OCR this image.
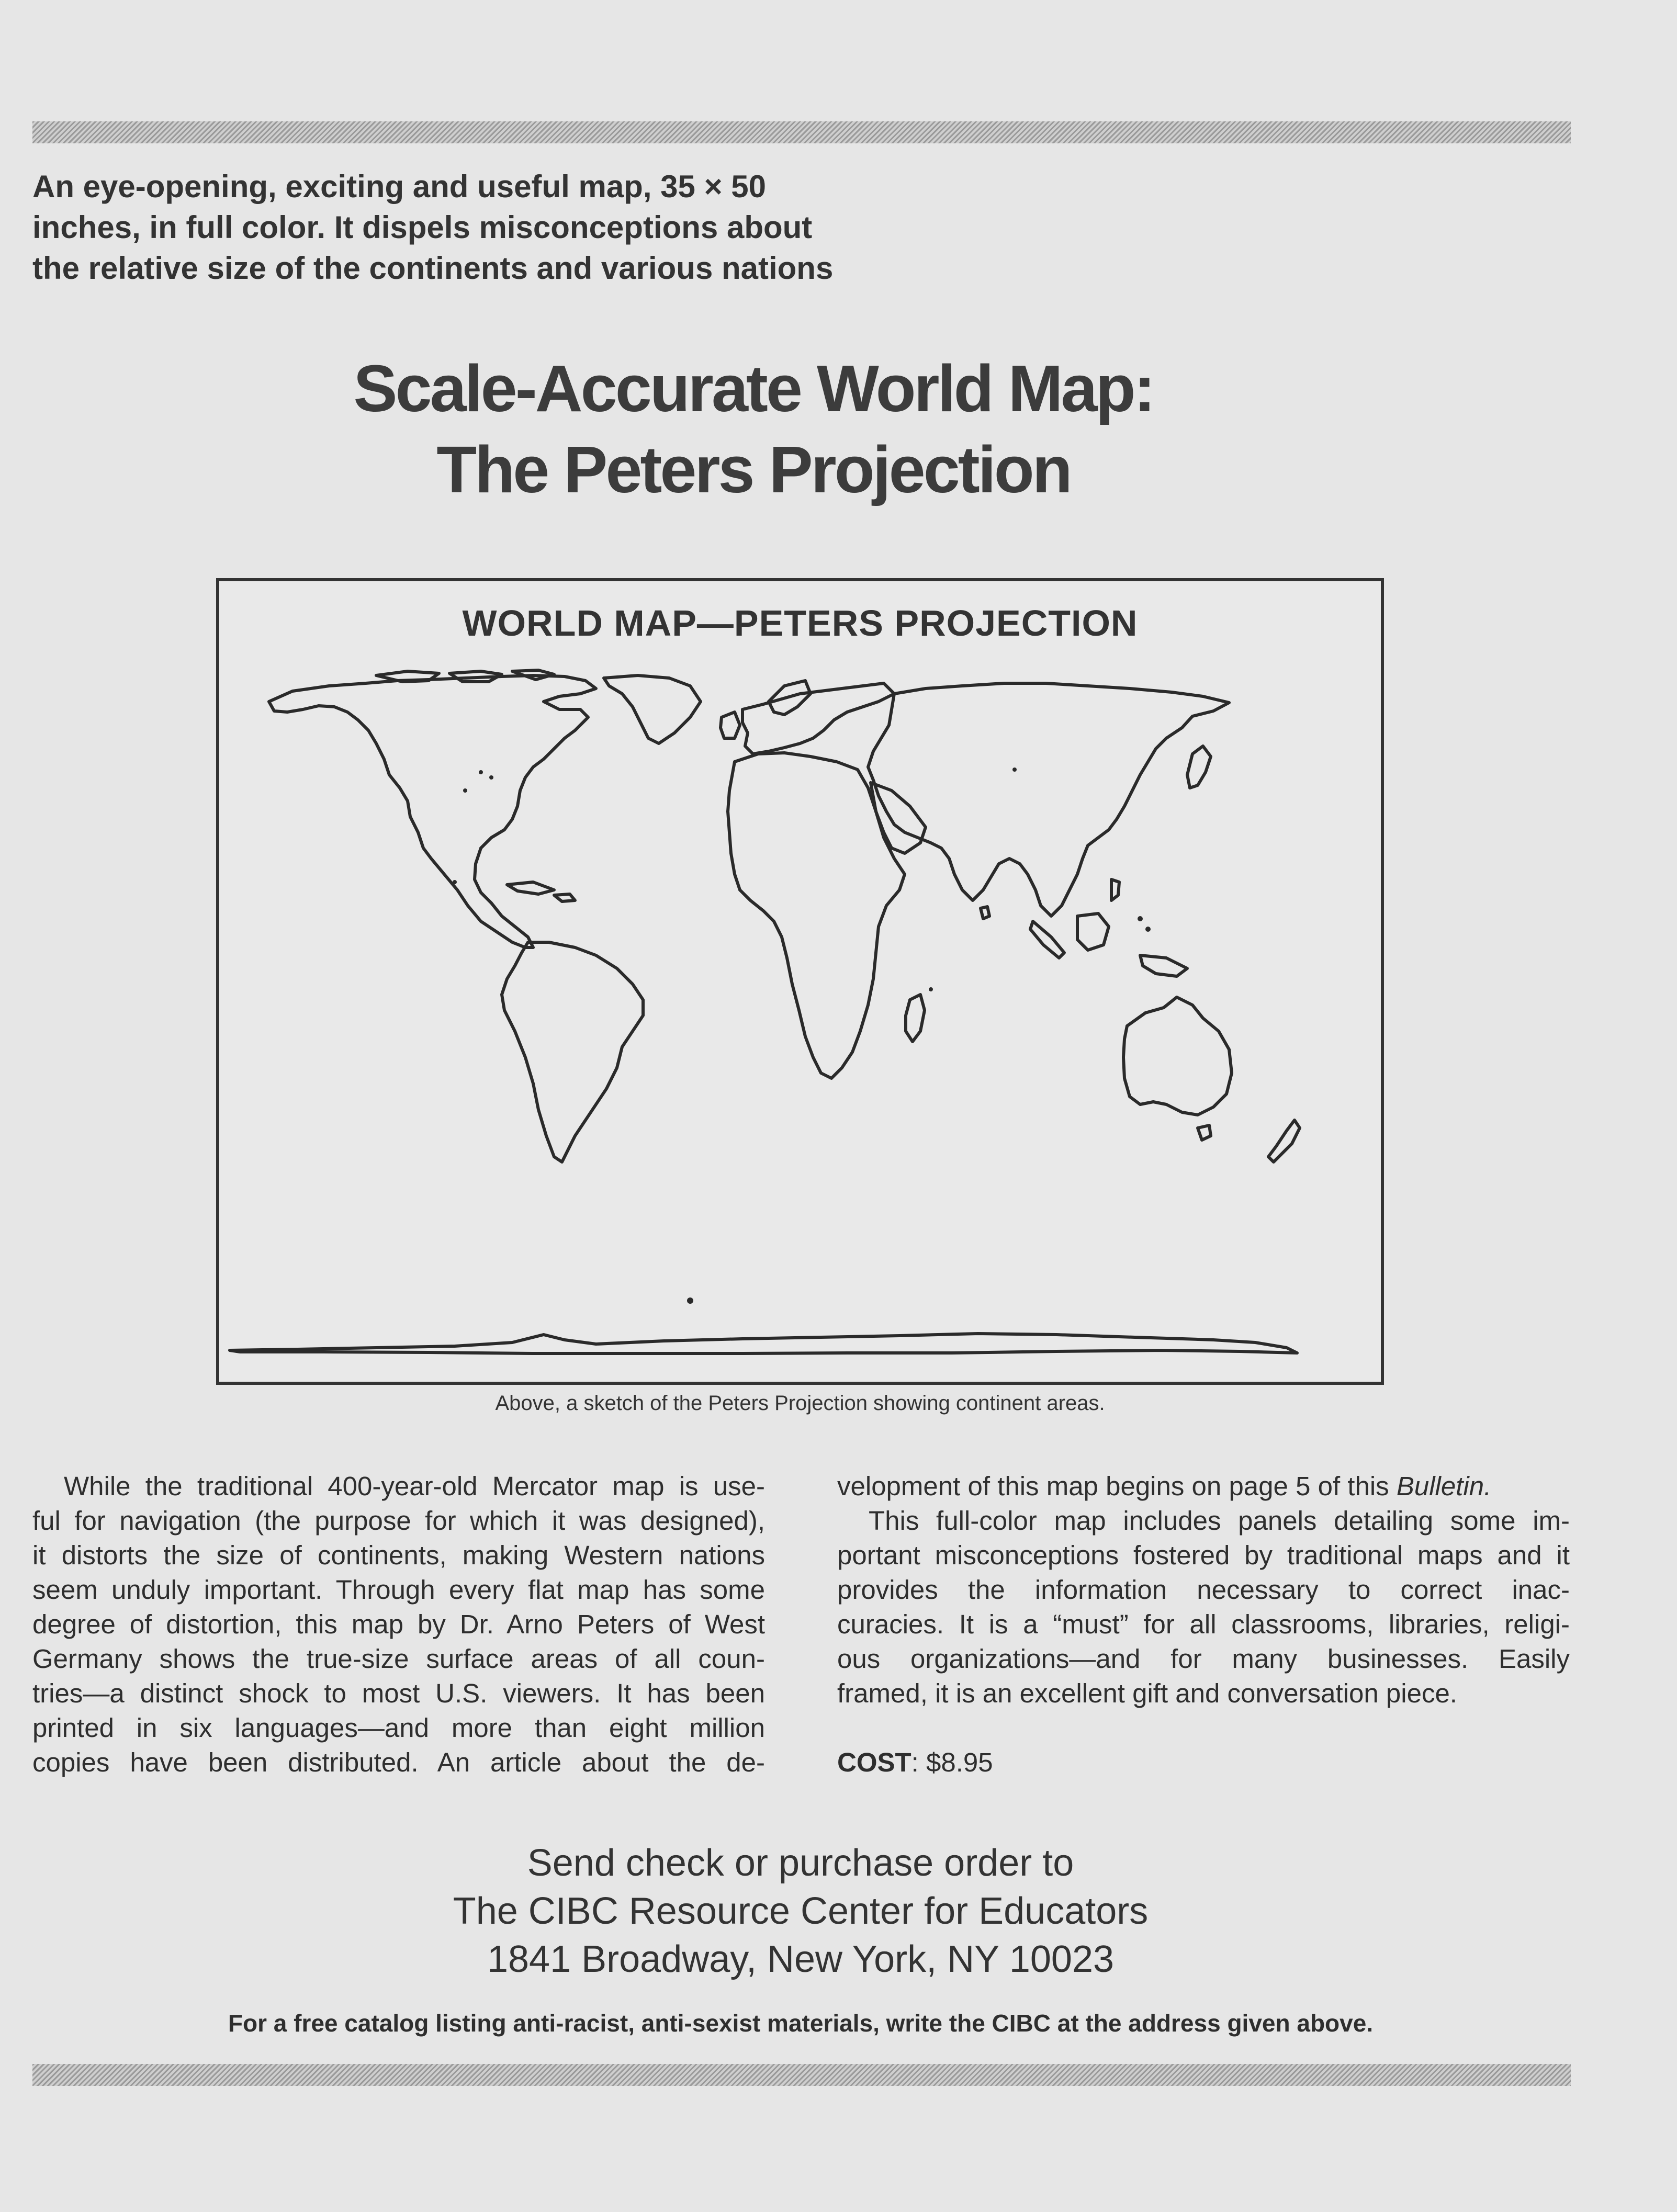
An eye-opening, exciting and useful map, 35 × 50
inches, in full color. It dispels misconceptions about
the relative size of the continents and various nations
Scale-Accurate World Map:
The Peters Projection
WORLD MAP—PETERS PROJECTION
Above, a sketch of the Peters Projection showing continent areas.
While the traditional 400-year-old Mercator map is use-
ful for navigation (the purpose for which it was designed),
it distorts the size of continents, making Western nations
seem unduly important. Through every flat map has some
degree of distortion, this map by Dr. Arno Peters of West
Germany shows the true-size surface areas of all coun-
tries—a distinct shock to most U.S. viewers. It has been
printed in six languages—and more than eight million
copies have been distributed. An article about the de-
velopment of this map begins on page 5 of this Bulletin.
This full-color map includes panels detailing some im-
portant misconceptions fostered by traditional maps and it
provides the information necessary to correct inac-
curacies. It is a “must” for all classrooms, libraries, religi-
ous organizations—and for many businesses. Easily
framed, it is an excellent gift and conversation piece.
COST: $8.95
Send check or purchase order to
The CIBC Resource Center for Educators
1841 Broadway, New York, NY 10023
For a free catalog listing anti-racist, anti-sexist materials, write the CIBC at the address given above.
